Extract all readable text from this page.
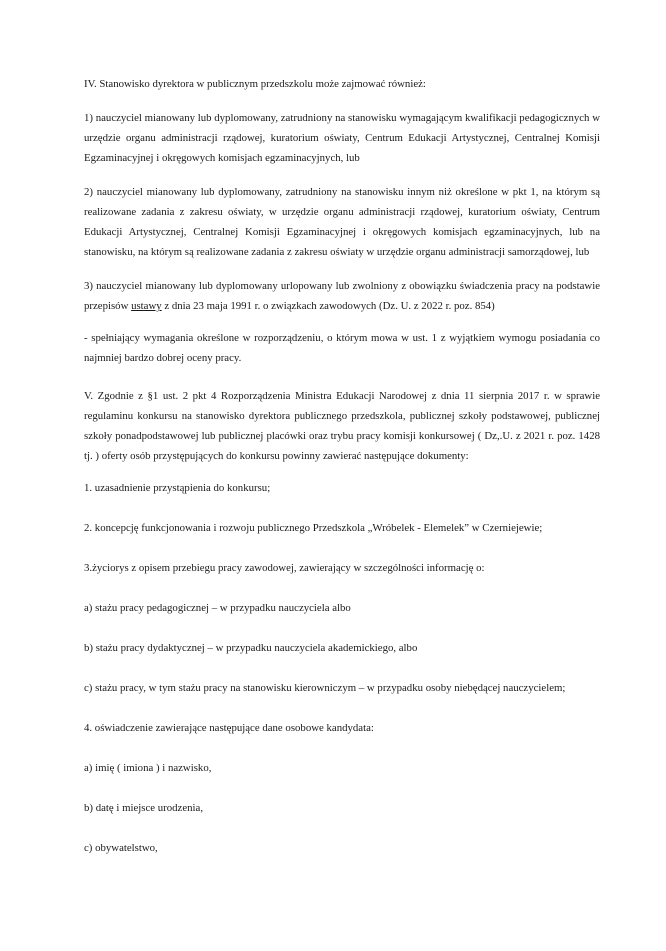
IV. Stanowisko dyrektora w publicznym przedszkolu może zajmować również:

1) nauczyciel mianowany lub dyplomowany, zatrudniony na stanowisku wymagającym kwalifikacji pedagogicznych w urzędzie organu administracji rządowej, kuratorium oświaty, Centrum Edukacji Artystycznej, Centralnej Komisji Egzaminacyjnej i okręgowych komisjach egzaminacyjnych, lub

2) nauczyciel mianowany lub dyplomowany, zatrudniony na stanowisku innym niż określone w pkt 1, na którym są realizowane zadania z zakresu oświaty, w urzędzie organu administracji rządowej, kuratorium oświaty, Centrum Edukacji Artystycznej, Centralnej Komisji Egzaminacyjnej i okręgowych komisjach egzaminacyjnych, lub na stanowisku, na którym są realizowane zadania z zakresu oświaty w urzędzie organu administracji samorządowej, lub

3) nauczyciel mianowany lub dyplomowany urlopowany lub zwolniony z obowiązku świadczenia pracy na podstawie przepisów ustawy z dnia 23 maja 1991 r. o związkach zawodowych (Dz. U. z 2022 r. poz. 854)

- spełniający wymagania określone w rozporządzeniu, o którym mowa w ust. 1 z wyjątkiem wymogu posiadania co najmniej bardzo dobrej oceny pracy.

V. Zgodnie z §1 ust. 2 pkt 4 Rozporządzenia Ministra Edukacji Narodowej z dnia 11 sierpnia 2017 r. w sprawie regulaminu konkursu na stanowisko dyrektora publicznego przedszkola, publicznej szkoły podstawowej, publicznej szkoły ponadpodstawowej lub publicznej placówki oraz trybu pracy komisji konkursowej ( Dz,.U. z 2021 r. poz. 1428 tj. ) oferty osób przystępujących do konkursu powinny zawierać następujące dokumenty:

1. uzasadnienie przystąpienia do konkursu;

2. koncepcję funkcjonowania i rozwoju publicznego Przedszkola „Wróbelek - Elemelek” w Czerniejewie;

3.życiorys z opisem przebiegu pracy zawodowej, zawierający w szczególności informację o:

a) stażu pracy pedagogicznej – w przypadku nauczyciela albo

b) stażu pracy dydaktycznej – w przypadku nauczyciela akademickiego, albo

c) stażu pracy, w tym stażu pracy na stanowisku kierowniczym – w przypadku osoby niebędącej nauczycielem;

4. oświadczenie zawierające następujące dane osobowe kandydata:

a) imię ( imiona ) i nazwisko,

b) datę i miejsce urodzenia,

c) obywatelstwo,
